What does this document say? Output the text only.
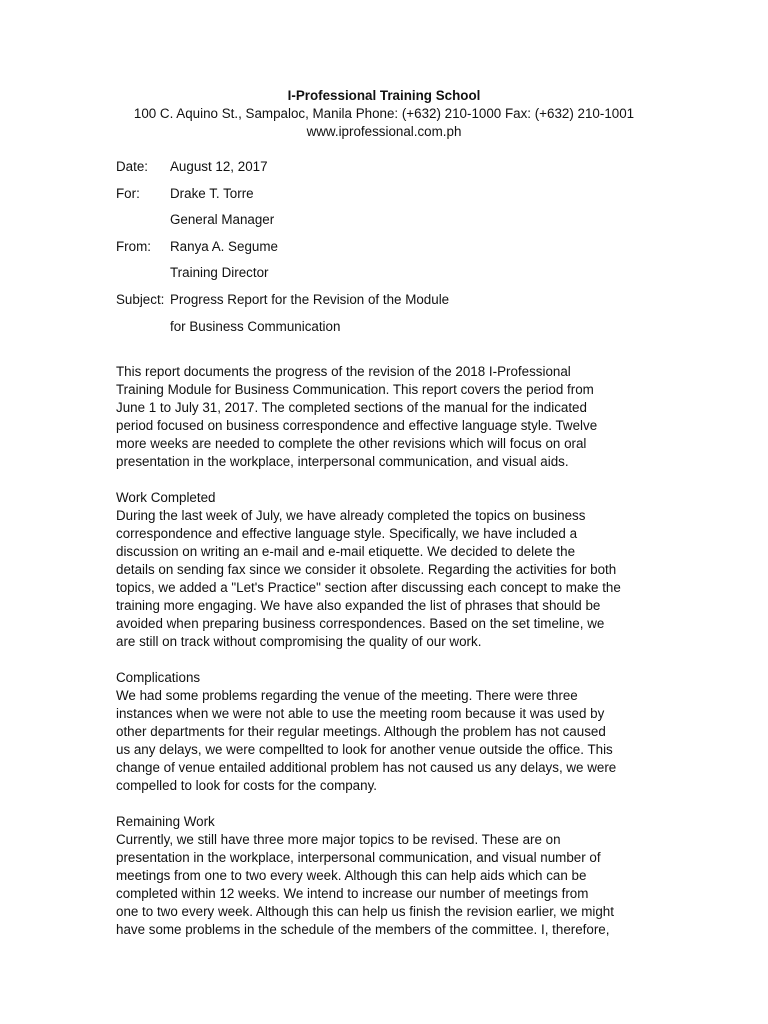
I-Professional Training School
100 C. Aquino St., Sampaloc, Manila Phone: (+632) 210-1000 Fax: (+632) 210-1001
www.iprofessional.com.ph
Date: August 12, 2017
For: Drake T. Torre
General Manager
From: Ranya A. Segume
Training Director
Subject: Progress Report for the Revision of the Module
for Business Communication
This report documents the progress of the revision of the 2018 I-Professional
Training Module for Business Communication. This report covers the period from
June 1 to July 31, 2017. The completed sections of the manual for the indicated
period focused on business correspondence and effective language style. Twelve
more weeks are needed to complete the other revisions which will focus on oral
presentation in the workplace, interpersonal communication, and visual aids.
Work Completed
During the last week of July, we have already completed the topics on business
correspondence and effective language style. Specifically, we have included a
discussion on writing an e-mail and e-mail etiquette. We decided to delete the
details on sending fax since we consider it obsolete. Regarding the activities for both
topics, we added a "Let's Practice" section after discussing each concept to make the
training more engaging. We have also expanded the list of phrases that should be
avoided when preparing business correspondences. Based on the set timeline, we
are still on track without compromising the quality of our work.
Complications
We had some problems regarding the venue of the meeting. There were three
instances when we were not able to use the meeting room because it was used by
other departments for their regular meetings. Although the problem has not caused
us any delays, we were compellted to look for another venue outside the office. This
change of venue entailed additional problem has not caused us any delays, we were
compelled to look for costs for the company.
Remaining Work
Currently, we still have three more major topics to be revised. These are on
presentation in the workplace, interpersonal communication, and visual number of
meetings from one to two every week. Although this can help aids which can be
completed within 12 weeks. We intend to increase our number of meetings from
one to two every week. Although this can help us finish the revision earlier, we might
have some problems in the schedule of the members of the committee. I, therefore,
